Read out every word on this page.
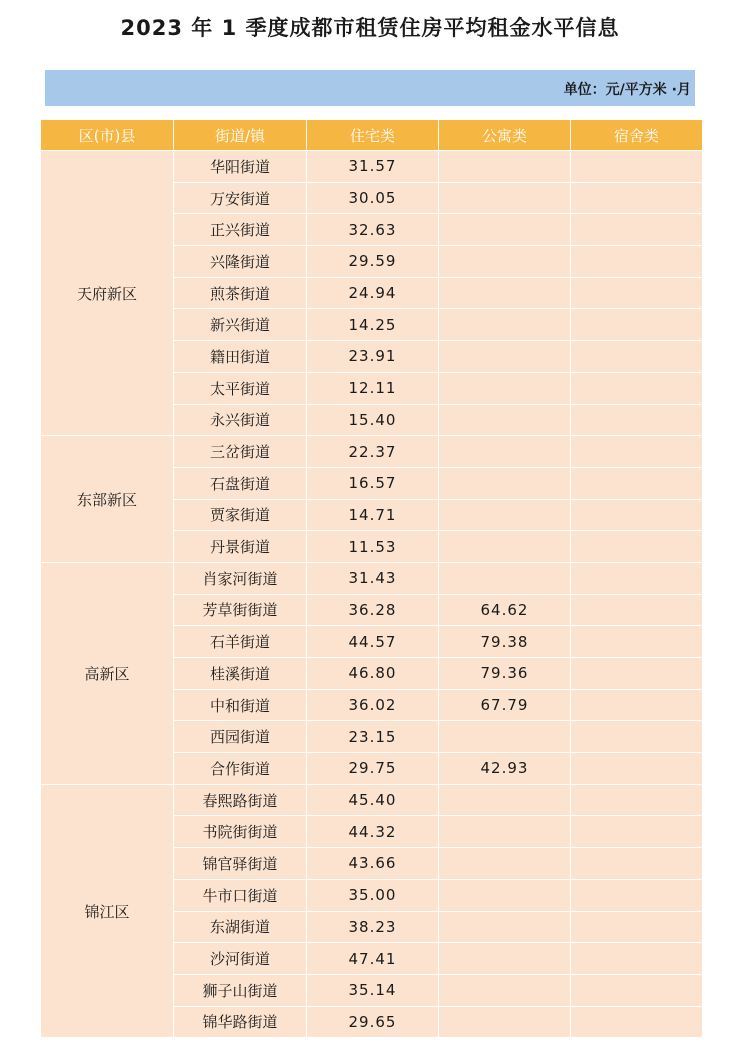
2023 年 1 季度成都市租赁住房平均租金水平信息
单位：元/平方米 ·月
区(市)县	街道/镇	住宅类	公寓类	宿舍类
天府新区	华阳街道	31.57		
	万安街道	30.05		
	正兴街道	32.63		
	兴隆街道	29.59		
	煎茶街道	24.94		
	新兴街道	14.25		
	籍田街道	23.91		
	太平街道	12.11		
	永兴街道	15.40		
东部新区	三岔街道	22.37		
	石盘街道	16.57		
	贾家街道	14.71		
	丹景街道	11.53		
高新区	肖家河街道	31.43		
	芳草街街道	36.28	64.62	
	石羊街道	44.57	79.38	
	桂溪街道	46.80	79.36	
	中和街道	36.02	67.79	
	西园街道	23.15		
	合作街道	29.75	42.93	
锦江区	春熙路街道	45.40		
	书院街街道	44.32		
	锦官驿街道	43.66		
	牛市口街道	35.00		
	东湖街道	38.23		
	沙河街道	47.41		
	狮子山街道	35.14		
	锦华路街道	29.65		
